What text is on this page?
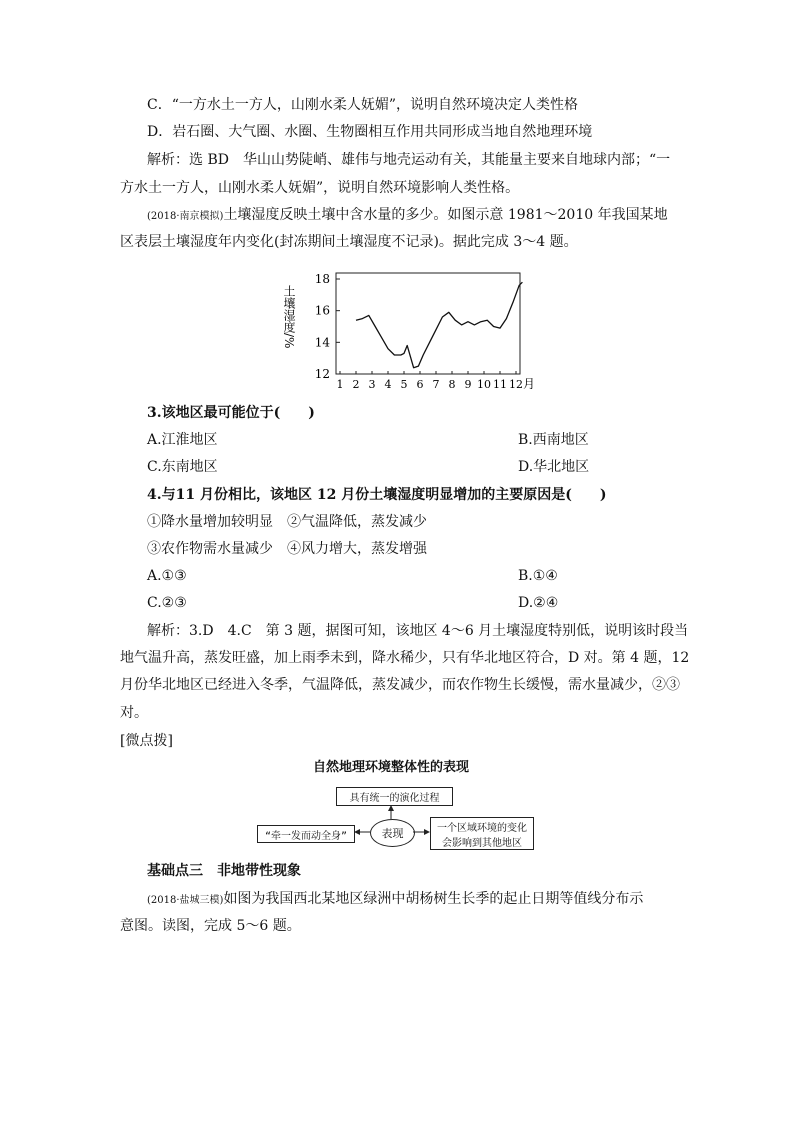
C．“一方水土一方人，山刚水柔人妩媚”，说明自然环境决定人类性格
D．岩石圈、大气圈、水圈、生物圈相互作用共同形成当地自然地理环境
解析：选 BD　华山山势陡峭、雄伟与地壳运动有关，其能量主要来自地球内部；“一
方水土一方人，山刚水柔人妩媚”，说明自然环境影响人类性格。
(2018·南京模拟)土壤湿度反映土壤中含水量的多少。如图示意 1981～2010 年我国某地
区表层土壤湿度年内变化(封冻期间土壤湿度不记录)。据此完成 3～4 题。
12
14
16
18
1 2 3 4 5 6 7 8 9 10 11 12
土壤湿度/%
月
3.该地区最可能位于(　　)
A.江淮地区	B.西南地区
C.东南地区	D.华北地区
4.与11 月份相比，该地区 12 月份土壤湿度明显增加的主要原因是(　　)
①降水量增加较明显　②气温降低，蒸发减少
③农作物需水量减少　④风力增大，蒸发增强
A.①③	B.①④
C.②③	D.②④
解析：3.D　4.C　第 3 题，据图可知，该地区 4～6 月土壤湿度特别低，说明该时段当
地气温升高，蒸发旺盛，加上雨季未到，降水稀少，只有华北地区符合，D 对。第 4 题，12
月份华北地区已经进入冬季，气温降低，蒸发减少，而农作物生长缓慢，需水量减少，②③
对。
[微点拨]
自然地理环境整体性的表现
具有统一的演化过程
“牵一发而动全身”	表现	一个区域环境的变化
会影响到其他地区
基础点三　非地带性现象
(2018·盐城三模)如图为我国西北某地区绿洲中胡杨树生长季的起止日期等值线分布示
意图。读图，完成 5～6 题。
